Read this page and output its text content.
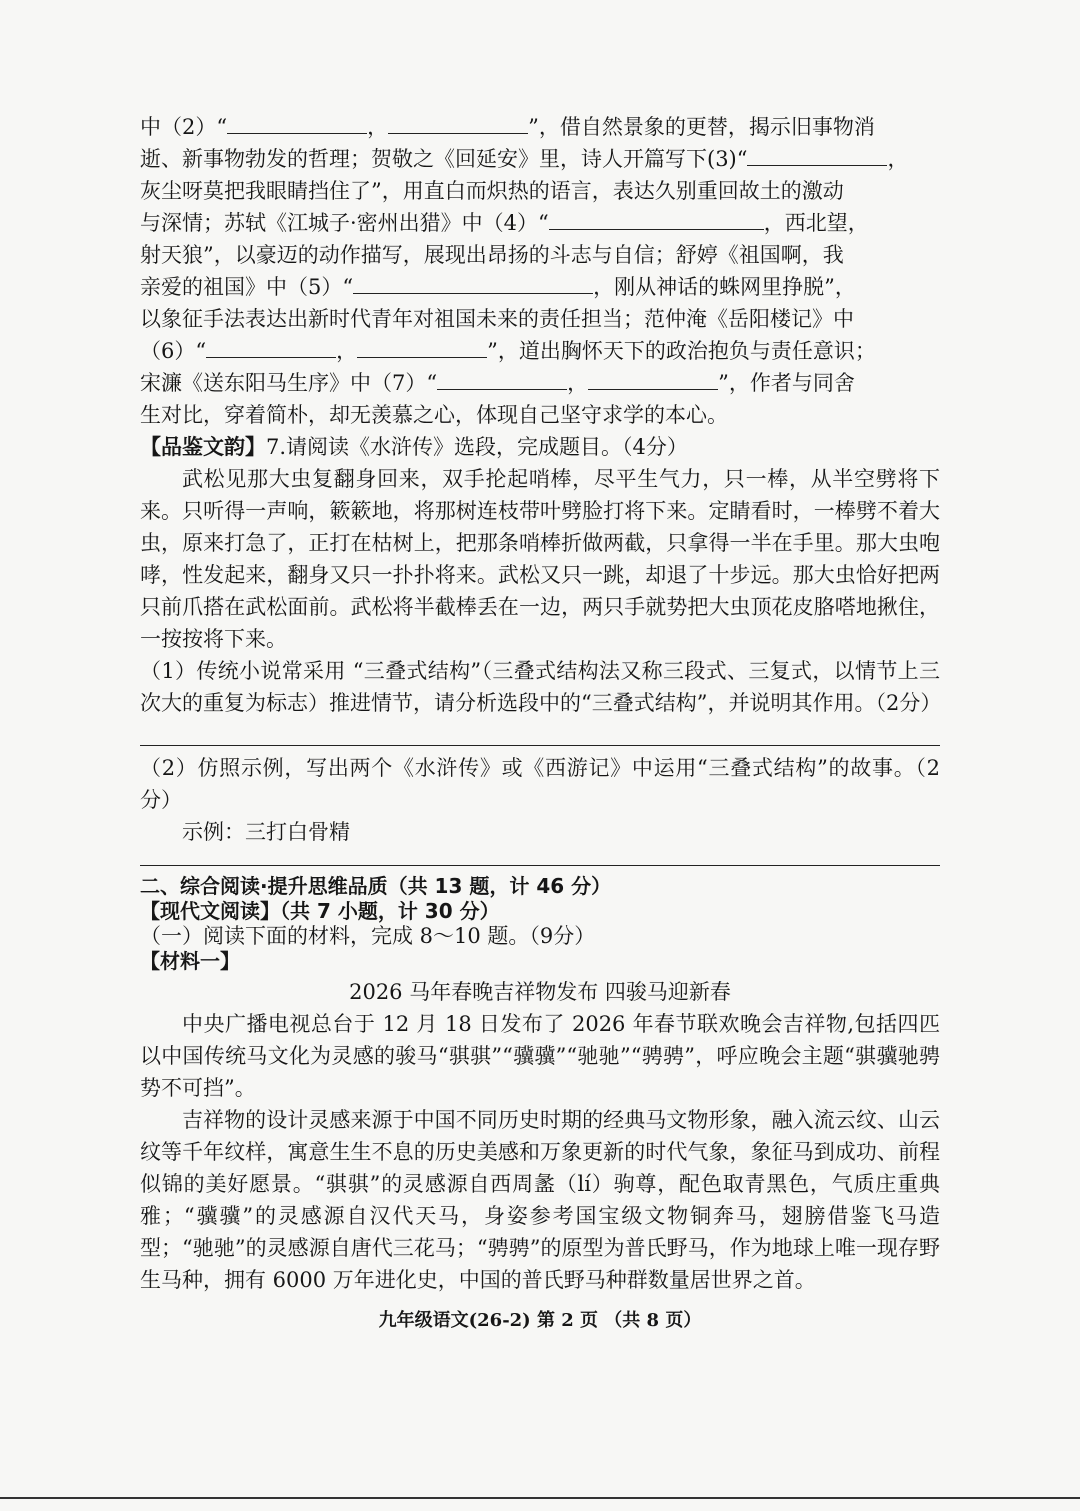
中（2）“	，	”，借自然景象的更替，揭示旧事物消

逝、新事物勃发的哲理；贺敬之《回延安》里，诗人开篇写下(3)“	，

灰尘呀莫把我眼睛挡住了”，用直白而炽热的语言，表达久别重回故土的激动

与深情；苏轼《江城子·密州出猎》中（4）“	，西北望，

射天狼”，以豪迈的动作描写，展现出昂扬的斗志与自信；舒婷《祖国啊，我

亲爱的祖国》中（5）“	，刚从神话的蛛网里挣脱”，

以象征手法表达出新时代青年对祖国未来的责任担当；范仲淹《岳阳楼记》中

（6）“	，	”，道出胸怀天下的政治抱负与责任意识；

宋濂《送东阳马生序》中（7）“	，	”，作者与同舍

生对比，穿着简朴，却无羡慕之心，体现自己坚守求学的本心。

【品鉴文韵】7.请阅读《水浒传》选段，完成题目。（4分）

武松见那大虫复翻身回来，双手抡起哨棒，尽平生气力，只一棒，从半空劈将下来。只听得一声响，簌簌地，将那树连枝带叶劈脸打将下来。定睛看时，一棒劈不着大虫，原来打急了，正打在枯树上，把那条哨棒折做两截，只拿得一半在手里。那大虫咆哮，性发起来，翻身又只一扑扑将来。武松又只一跳，却退了十步远。那大虫恰好把两只前爪搭在武松面前。武松将半截棒丢在一边，两只手就势把大虫顶花皮胳嗒地揪住，一按按将下来。

（1）传统小说常采用 “三叠式结构”（三叠式结构法又称三段式、三复式，以情节上三次大的重复为标志）推进情节，请分析选段中的“三叠式结构”，并说明其作用。（2分）

（2）仿照示例，写出两个《水浒传》或《西游记》中运用“三叠式结构”的故事。（2分）

示例：三打白骨精

二、综合阅读·提升思维品质（共 13 题，计 46 分）

【现代文阅读】（共 7 小题，计 30 分）

（一）阅读下面的材料，完成 8～10 题。（9分）

【材料一】

2026 马年春晚吉祥物发布 四骏马迎新春

中央广播电视总台于 12 月 18 日发布了 2026 年春节联欢晚会吉祥物,包括四匹以中国传统马文化为灵感的骏马“骐骐”“骥骥”“驰驰”“骋骋”，呼应晚会主题“骐骥驰骋 势不可挡”。

吉祥物的设计灵感来源于中国不同历史时期的经典马文物形象，融入流云纹、山云纹等千年纹样，寓意生生不息的历史美感和万象更新的时代气象，象征马到成功、前程似锦的美好愿景。“骐骐”的灵感源自西周盠（lí）驹尊，配色取青黑色，气质庄重典雅；“骥骥”的灵感源自汉代天马，身姿参考国宝级文物铜奔马，翅膀借鉴飞马造型；“驰驰”的灵感源自唐代三花马；“骋骋”的原型为普氏野马，作为地球上唯一现存野生马种，拥有 6000 万年进化史，中国的普氏野马种群数量居世界之首。

九年级语文(26-2) 第 2 页 （共 8 页）
